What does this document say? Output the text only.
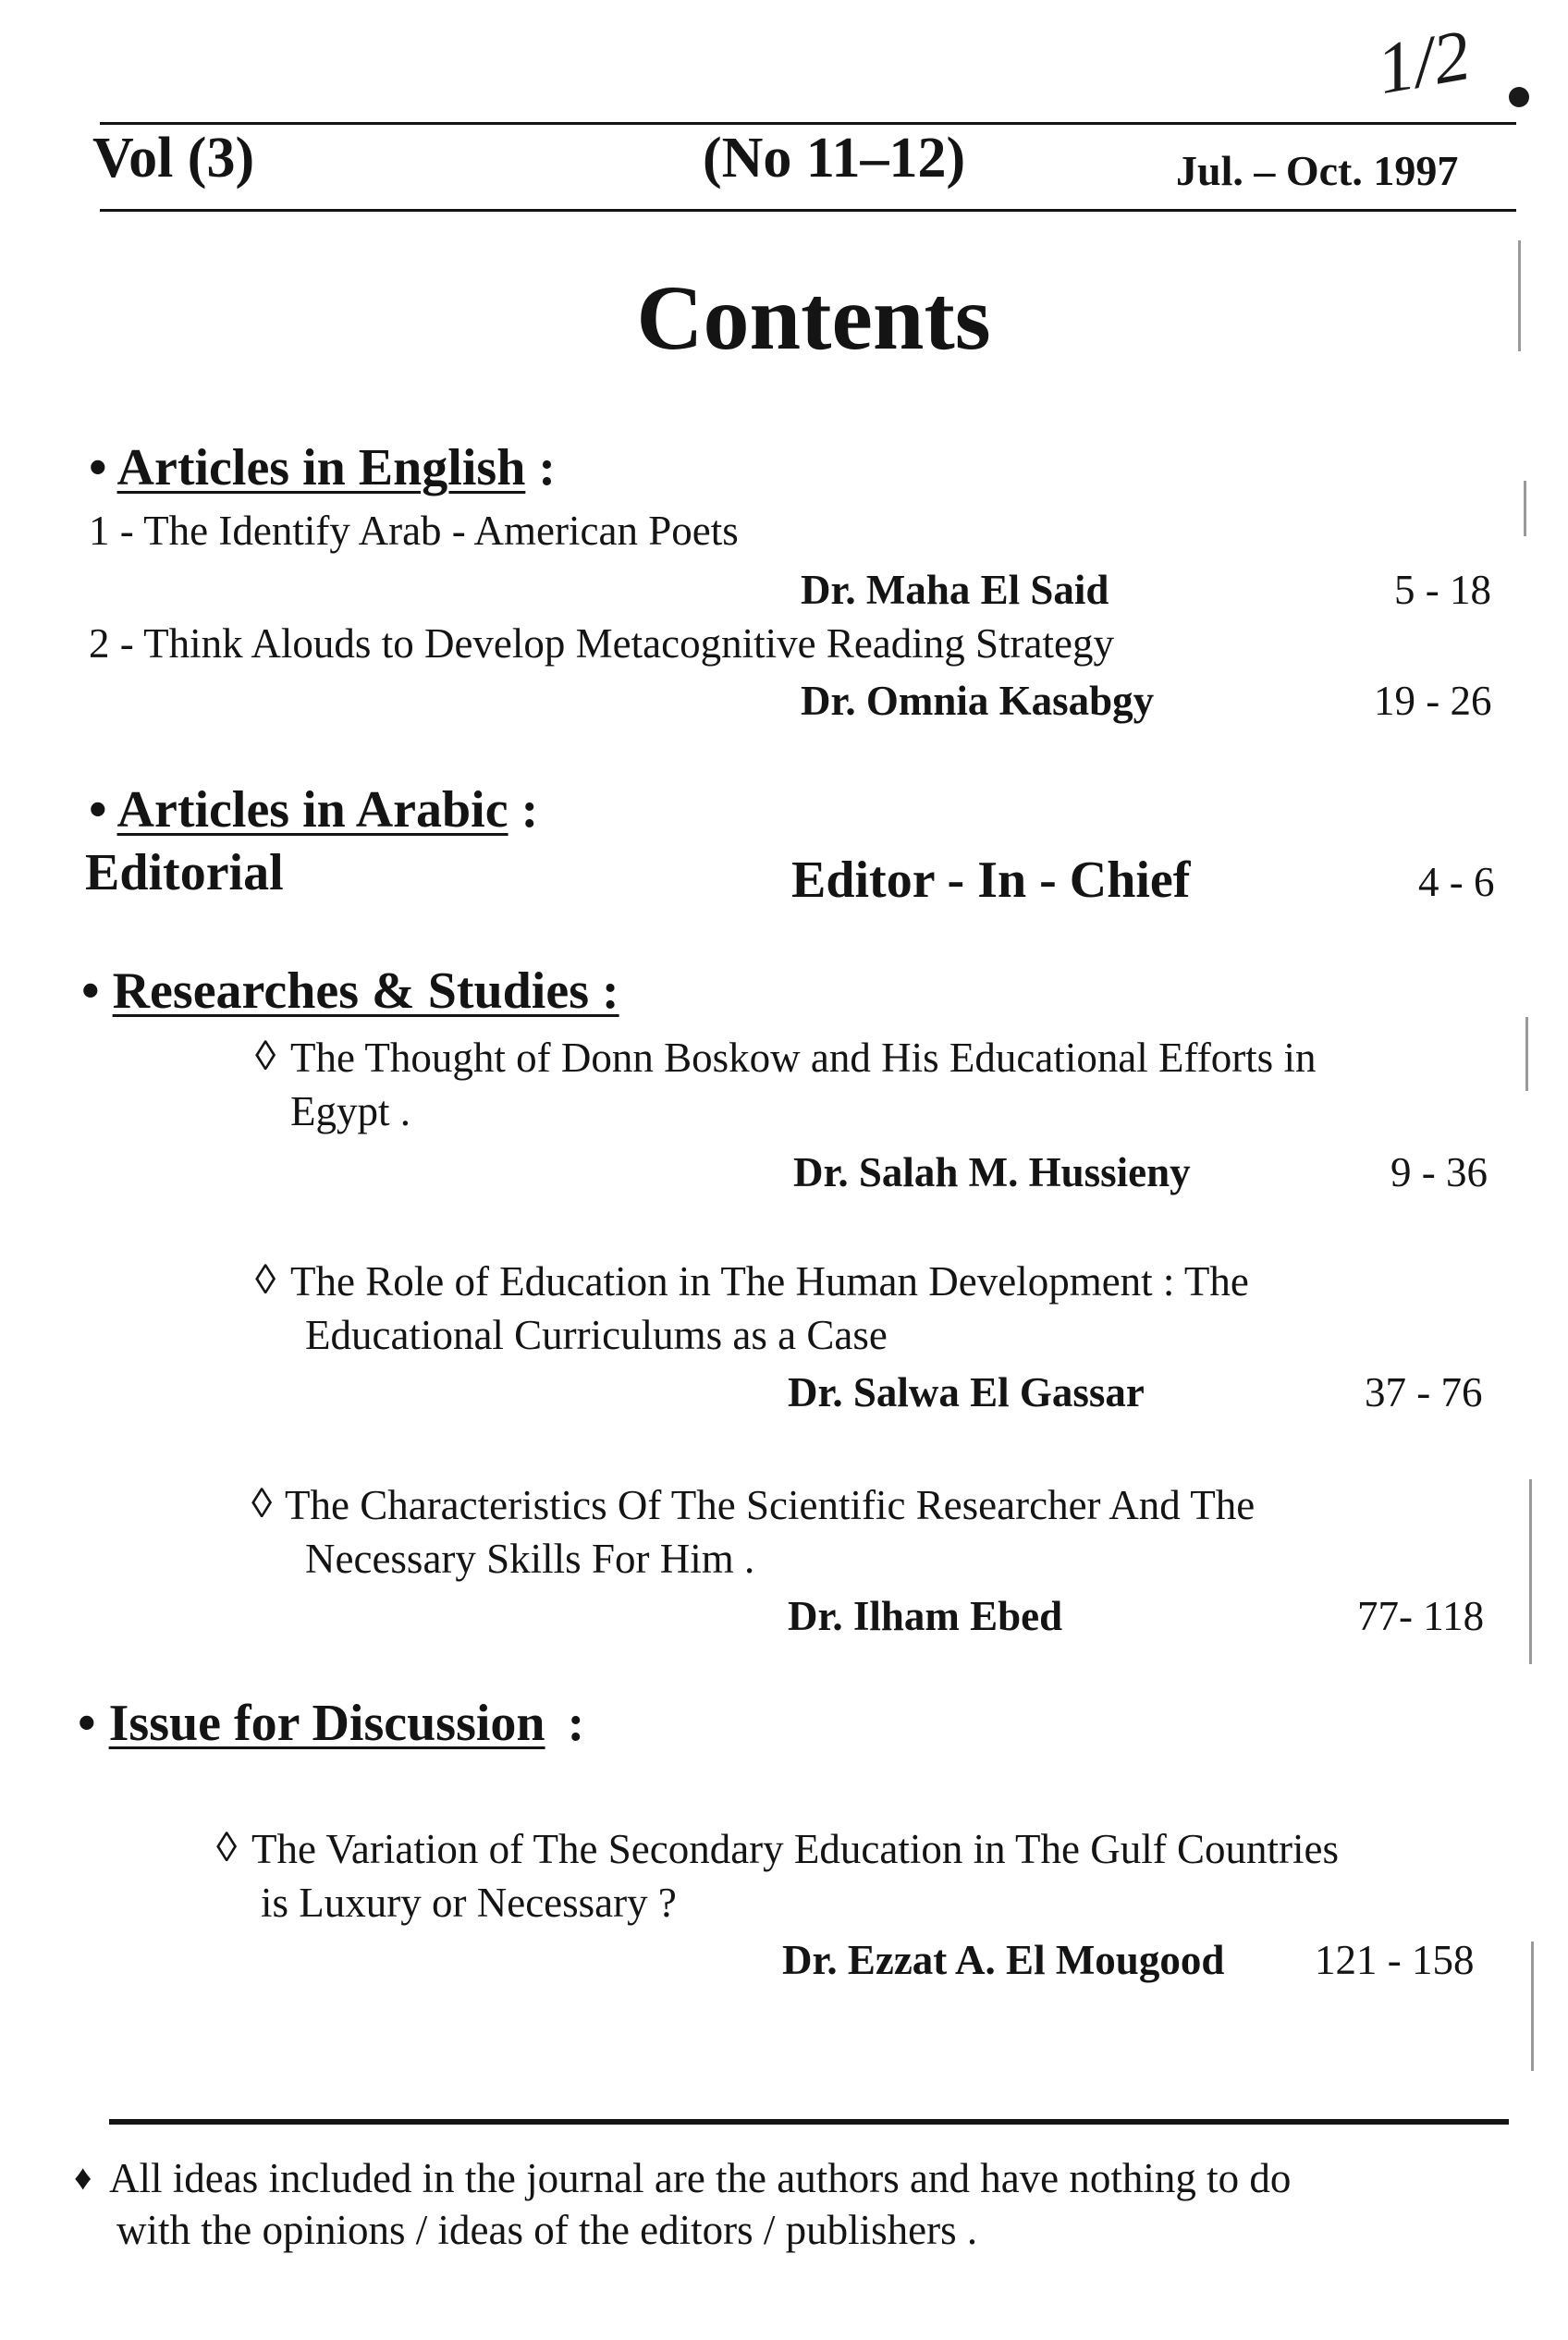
1/2
Vol (3)	(No 11–12)	Jul. – Oct. 1997
Contents
• Articles in English :
1 - The Identify Arab - American Poets
Dr. Maha El Said	5 - 18
2 - Think Alouds to Develop Metacognitive Reading Strategy
Dr. Omnia Kasabgy	19 - 26
• Articles in Arabic :
Editorial	Editor - In - Chief	4 - 6
• Researches & Studies :
◊ The Thought of Donn Boskow and His Educational Efforts in
Egypt .
Dr. Salah M. Hussieny	9 - 36
◊ The Role of Education in The Human Development : The
Educational Curriculums as a Case
Dr. Salwa El Gassar	37 - 76
◊ The Characteristics Of The Scientific Researcher And The
Necessary Skills For Him .
Dr. Ilham Ebed	77- 118
• Issue for Discussion :
◊ The Variation of The Secondary Education in The Gulf Countries
is Luxury or Necessary ?
Dr. Ezzat A. El Mougood 121 - 158
♦ All ideas included in the journal are the authors and have nothing to do
with the opinions / ideas of the editors / publishers .
